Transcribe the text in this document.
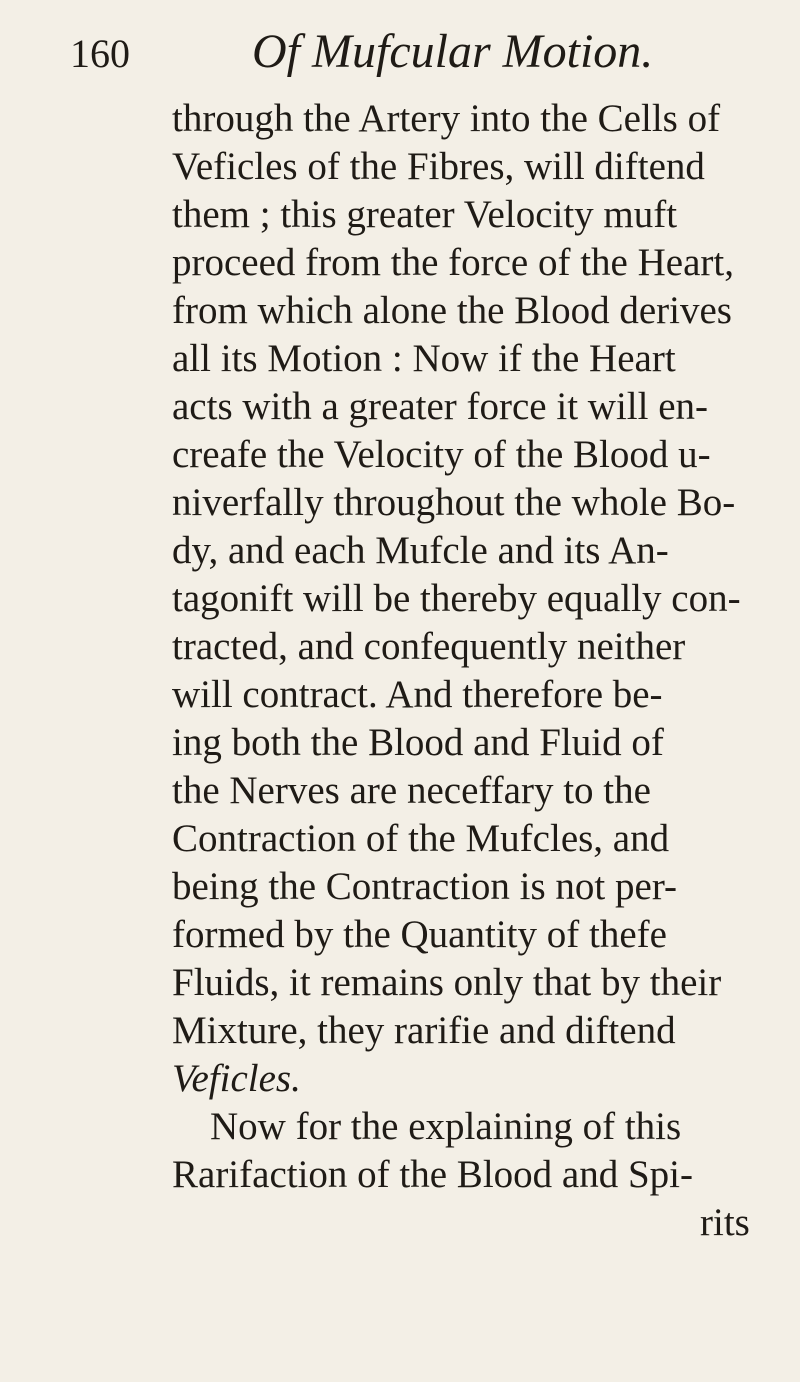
160	Of Mufcular Motion.
through the Artery into the Cells of
Veficles of the Fibres, will diftend
them ; this greater Velocity muft
proceed from the force of the Heart,
from which alone the Blood derives
all its Motion : Now if the Heart
acts with a greater force it will en-
creafe the Velocity of the Blood u-
niverfally throughout the whole Bo-
dy, and each Mufcle and its An-
tagonift will be thereby equally con-
tracted, and confequently neither
will contract. And therefore be-
ing both the Blood and Fluid of
the Nerves are neceffary to the
Contraction of the Mufcles, and
being the Contraction is not per-
formed by the Quantity of thefe
Fluids, it remains only that by their
Mixture, they rarifie and diftend
Veficles.
Now for the explaining of this
Rarifaction of the Blood and Spi-
rits
